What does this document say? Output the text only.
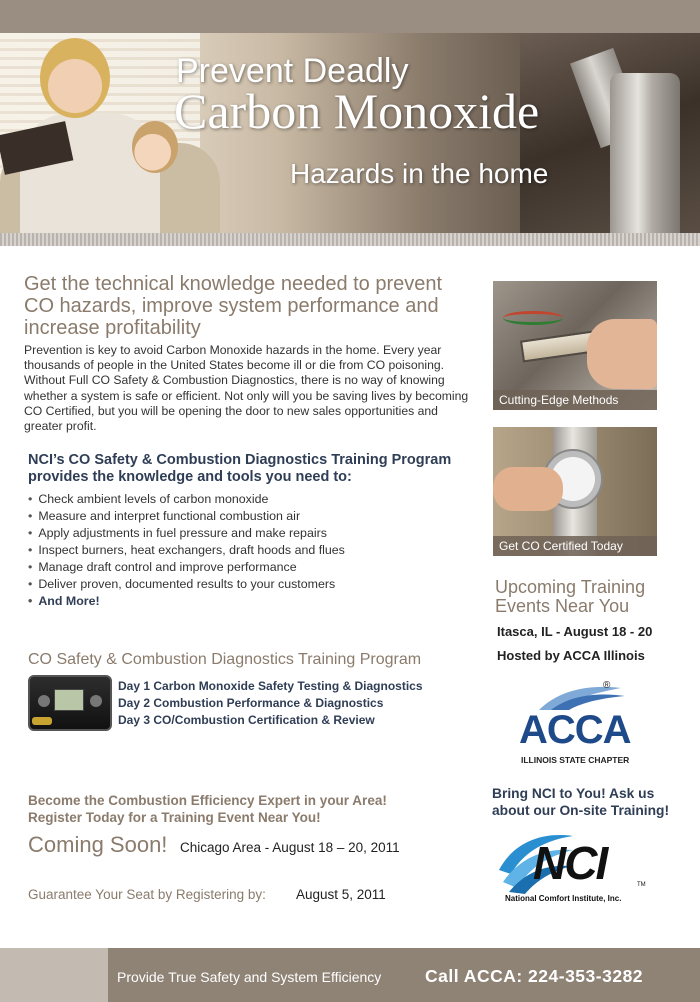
Prevent Deadly
Carbon Monoxide
Hazards in the home
Get the technical knowledge needed to prevent CO hazards, improve system performance and increase profitability

Prevention is key to avoid Carbon Monoxide hazards in the home. Every year thousands of people in the United States become ill or die from CO poisoning. Without Full CO Safety & Combustion Diagnostics, there is no way of knowing whether a system is safe or efficient. Not only will you be saving lives by becoming CO Certified, but you will be opening the door to new sales opportunities and greater profit.

NCI’s CO Safety & Combustion Diagnostics Training Program provides the knowledge and tools you need to:
• Check ambient levels of carbon monoxide
• Measure and interpret functional combustion air
• Apply adjustments in fuel pressure and make repairs
• Inspect burners, heat exchangers, draft hoods and flues
• Manage draft control and improve performance
• Deliver proven, documented results to your customers
• And More!
CO Safety & Combustion Diagnostics Training Program
Day 1 Carbon Monoxide Safety Testing & Diagnostics
Day 2 Combustion Performance & Diagnostics
Day 3 CO/Combustion Certification & Review
Become the Combustion Efficiency Expert in your Area!
Register Today for a Training Event Near You!
Coming Soon! Chicago Area - August 18 – 20, 2011
Guarantee Your Seat by Registering by: August 5, 2011
Cutting-Edge Methods
Get CO Certified Today
Upcoming Training
Events Near You
Itasca, IL - August 18 - 20
Hosted by ACCA Illinois
®
ACCA
ILLINOIS STATE CHAPTER
Bring NCI to You! Ask us
about our On-site Training!
NCI	TM
National Comfort Institute, Inc.
Provide True Safety and System Efficiency Call ACCA: 224-353-3282
